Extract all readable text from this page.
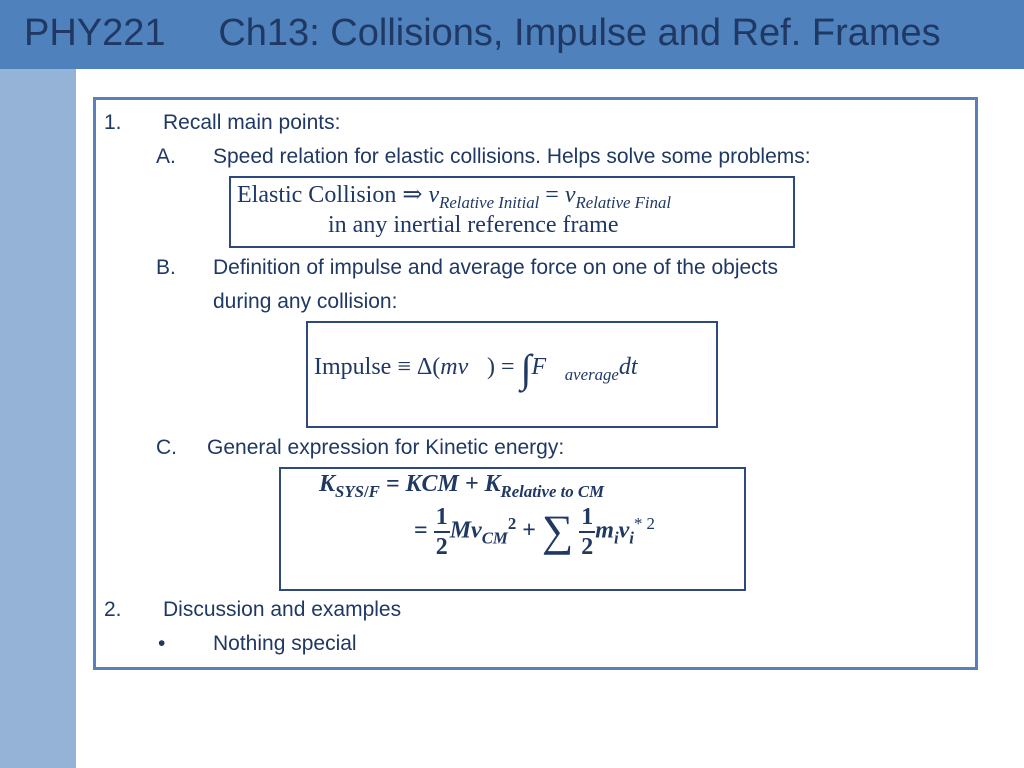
PHY221 Ch13: Collisions, Impulse and Ref. Frames
1. Recall main points:
A. Speed relation for elastic collisions. Helps solve some problems:
Elastic Collision ⇒ $v_{Relative Initial} = v_{Relative Final}$
in any inertial reference frame
B. Definition of impulse and average force on one of the objects
during any collision:
Impulse ≡ Δ(mv⃗) = $\int F⃗_{average}dt$
C. General expression for Kinetic energy:
$K_{SYS/F}$ = KCM + $K_{Relative to CM}$
= $\frac{1}{2} Mv_{CM}^2$ + ∑ $\frac{1}{2} m_iv_i^{* 2}$
2. Discussion and examples
• Nothing special
